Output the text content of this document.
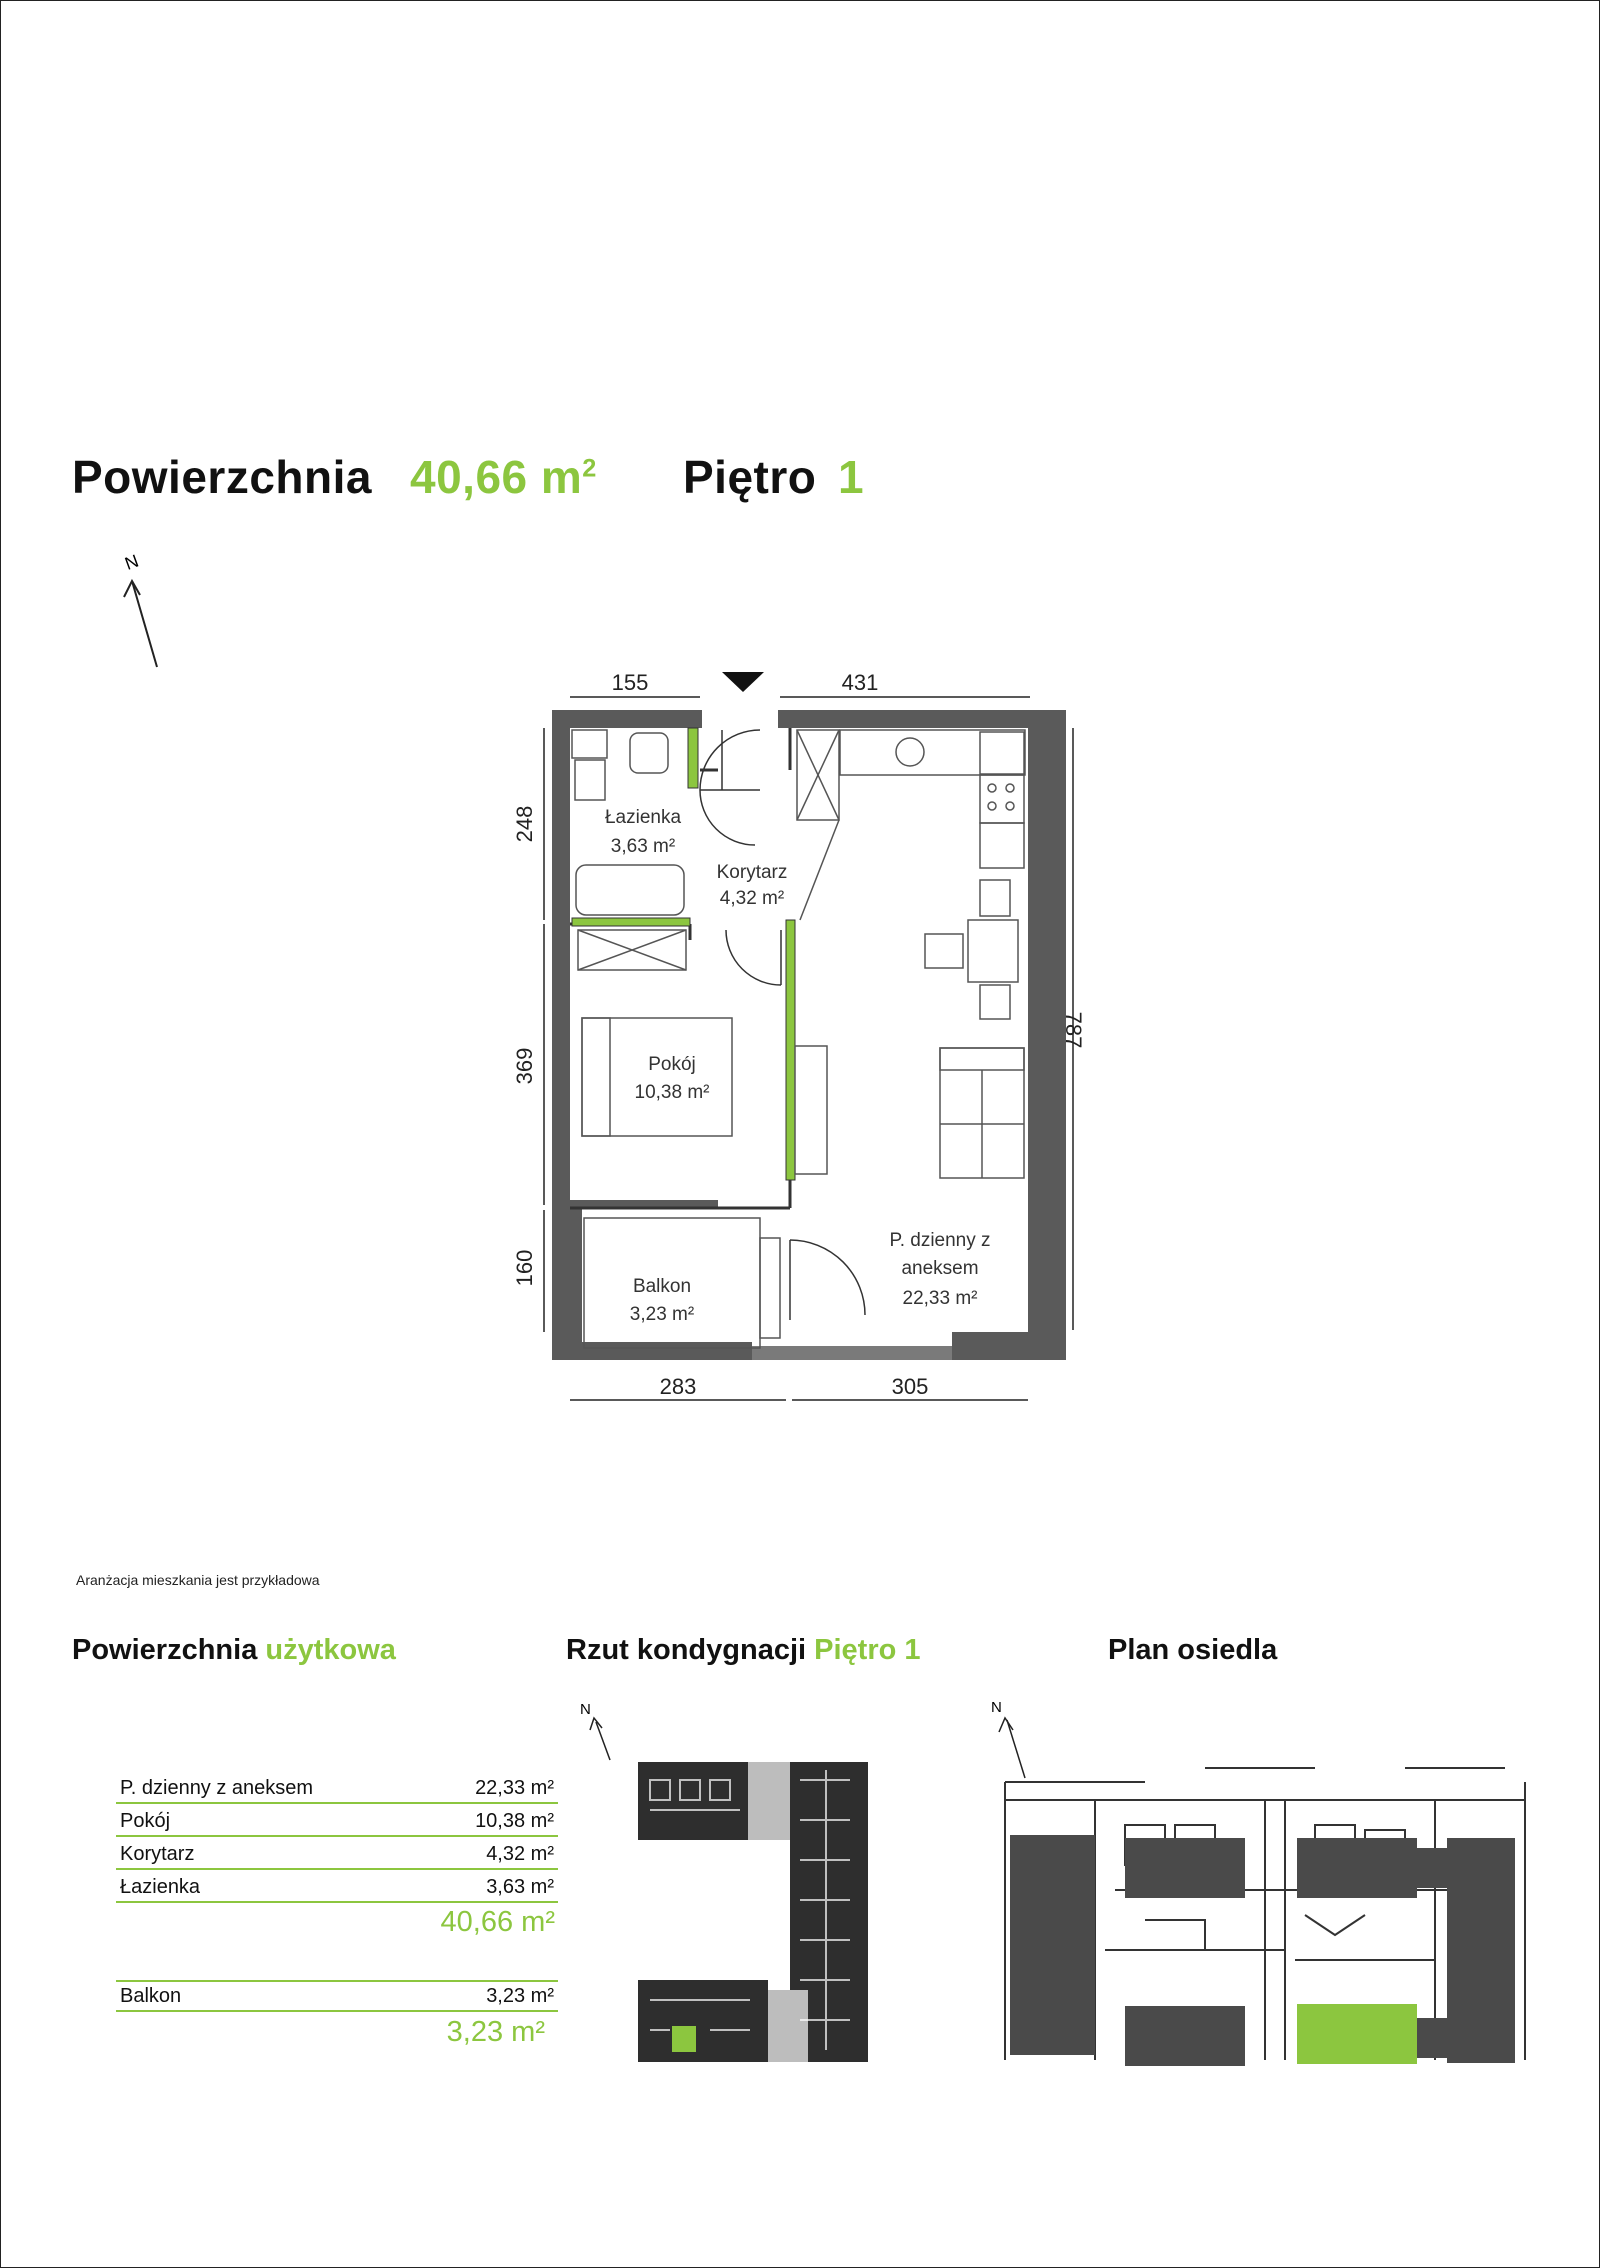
Powierzchnia 40,66 $m^2$ Piętro 1
N
155	431
248
369
160
787
283	305
Łazienka
3,63 m²
Korytarz
4,32 m²
Pokój
10,38 m²
P. dzienny z
aneksem
22,33 m²
Balkon
3,23 m²
Aranżacja mieszkania jest przykładowa
Powierzchnia użytkowa	Rzut kondygnacji Piętro 1	Plan osiedla
P. dzienny z aneksem	22,33 m²
Pokój	10,38 m²
Korytarz	4,32 m²
Łazienka	3,63 m²
40,66 m²
Balkon	3,23 m²
3,23 m²
N	N
